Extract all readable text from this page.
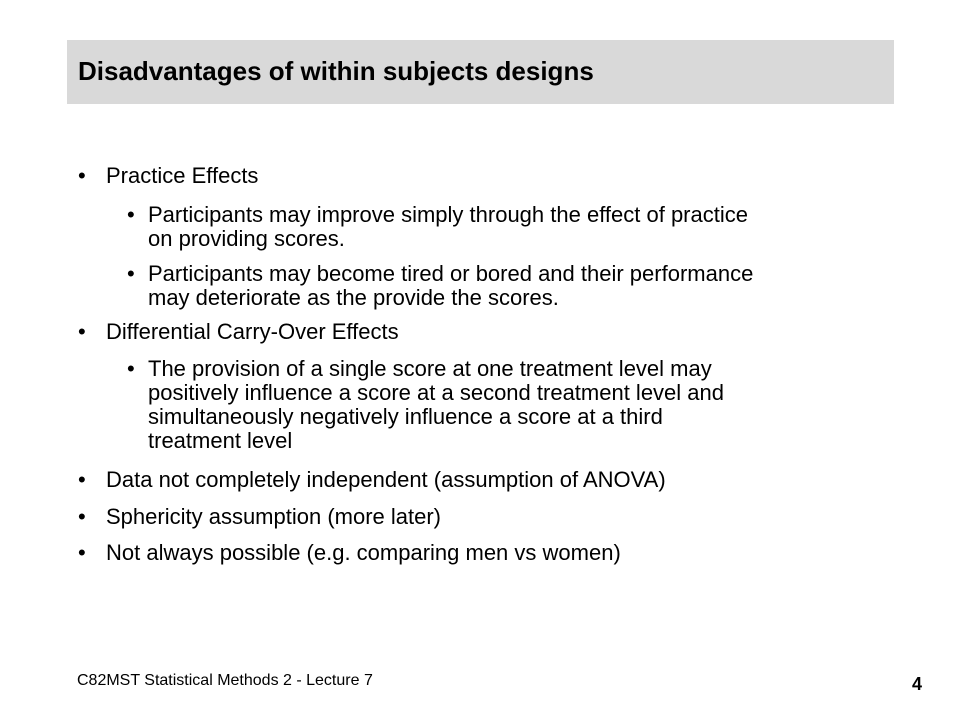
Disadvantages of within subjects designs
• Practice Effects
• Participants may improve simply through the effect of practice
on providing scores.
• Participants may become tired or bored and their performance
may deteriorate as the provide the scores.
• Differential Carry-Over Effects
• The provision of a single score at one treatment level may
positively influence a score at a second treatment level and
simultaneously negatively influence a score at a third
treatment level
• Data not completely independent (assumption of ANOVA)
• Sphericity assumption (more later)
• Not always possible (e.g. comparing men vs women)
C82MST Statistical Methods 2 - Lecture 7	4
